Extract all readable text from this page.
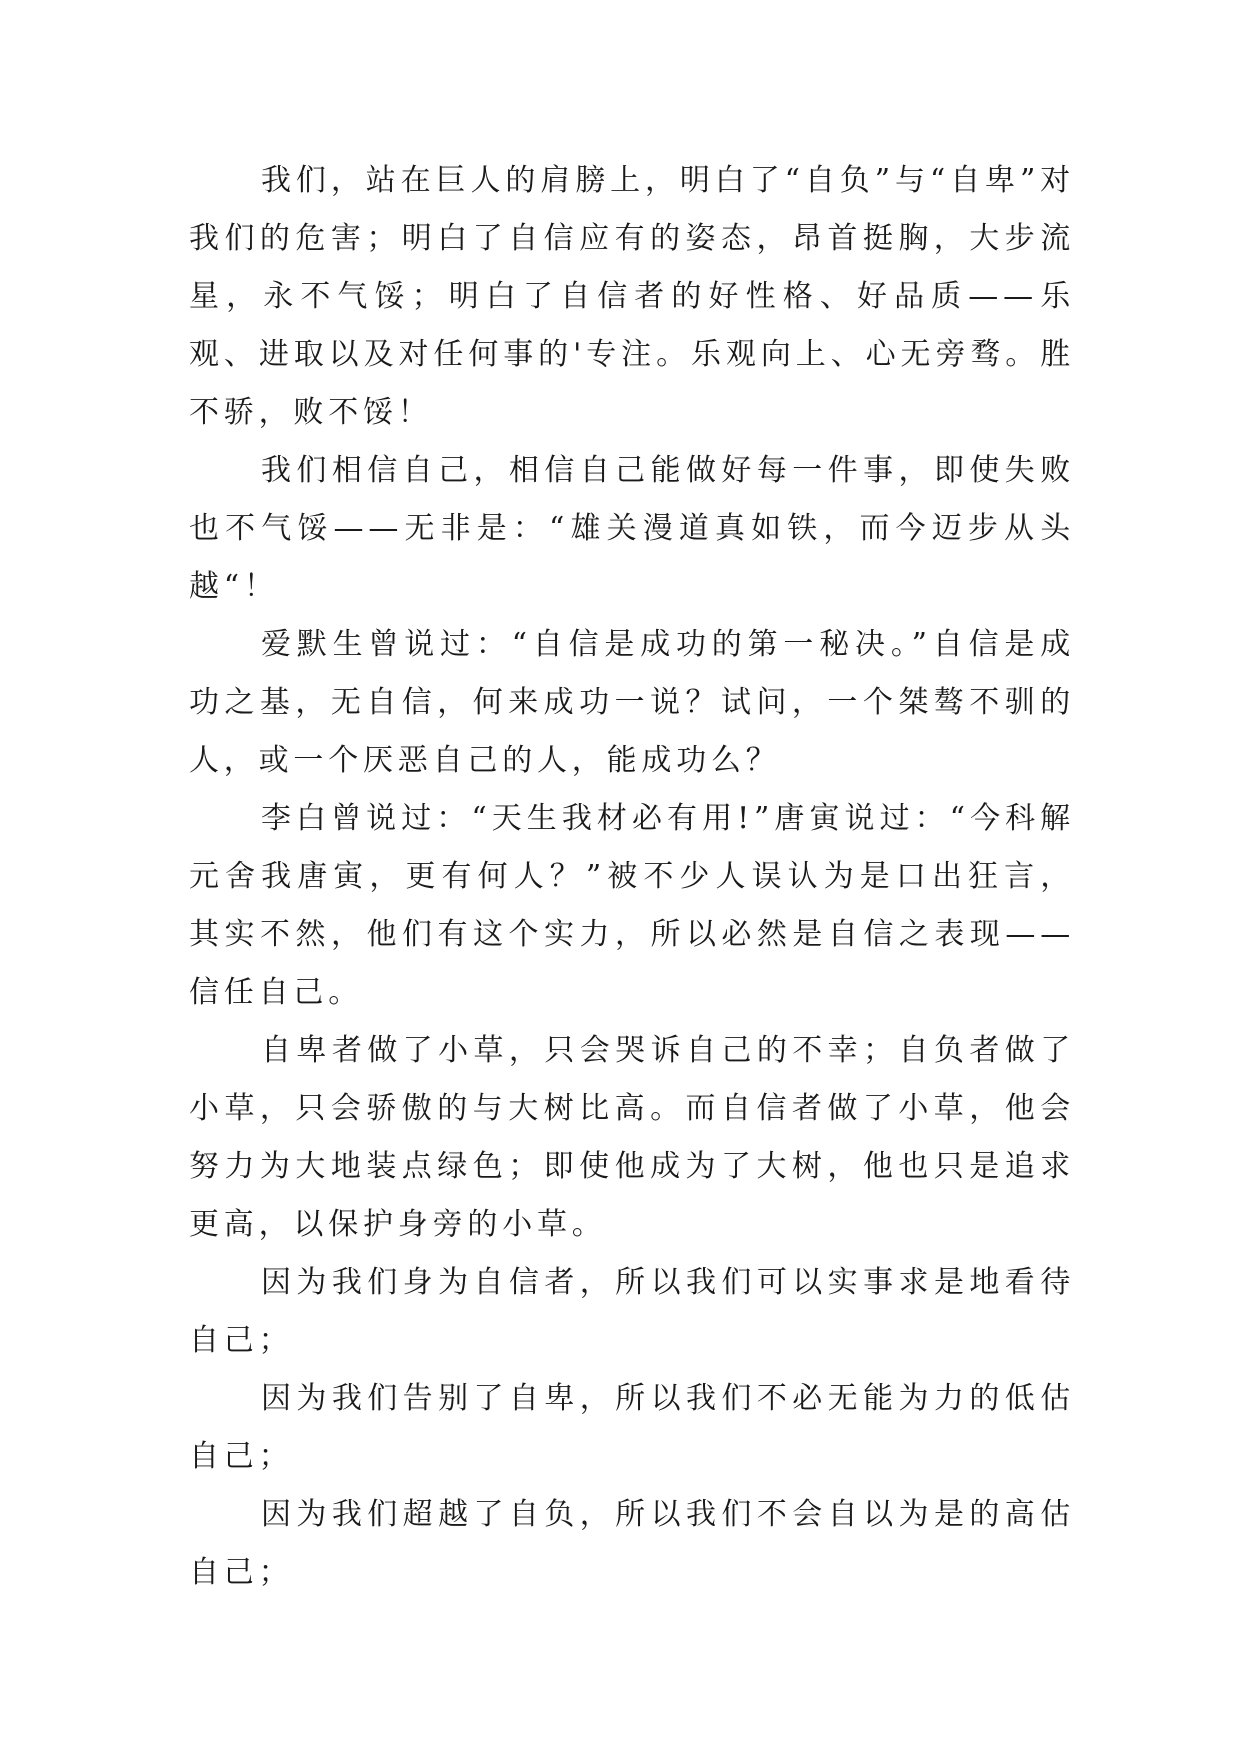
我们，站在巨人的肩膀上，明白了“自负”与“自卑”对我们的危害；明白了自信应有的姿态，昂首挺胸，大步流星，永不气馁；明白了自信者的好性格、好品质——乐观、进取以及对任何事的'专注。乐观向上、心无旁骛。胜不骄，败不馁！

我们相信自己，相信自己能做好每一件事，即使失败也不气馁——无非是：“雄关漫道真如铁，而今迈步从头越“！

爱默生曾说过：“自信是成功的第一秘决。”自信是成功之基，无自信，何来成功一说？试问，一个桀骜不驯的人，或一个厌恶自己的人，能成功么？

李白曾说过：“天生我材必有用!”唐寅说过：“今科解元舍我唐寅，更有何人？”被不少人误认为是口出狂言，其实不然，他们有这个实力，所以必然是自信之表现——信任自己。

自卑者做了小草，只会哭诉自己的不幸；自负者做了小草，只会骄傲的与大树比高。而自信者做了小草，他会努力为大地装点绿色；即使他成为了大树，他也只是追求更高，以保护身旁的小草。

因为我们身为自信者，所以我们可以实事求是地看待自己；

因为我们告别了自卑，所以我们不必无能为力的低估自己；

因为我们超越了自负，所以我们不会自以为是的高估自己；
